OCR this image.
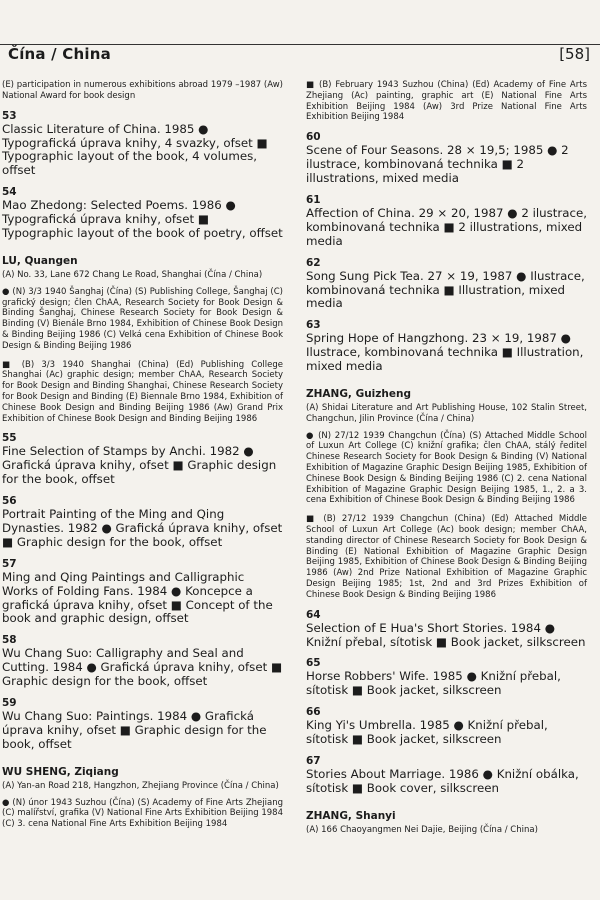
Čína / China	[58]

(E) participation in numerous exhibitions abroad 1979 –1987 (Aw) National Award for book design

53

Classic Literature of China. 1985 ● Typografická úprava knihy, 4 svazky, ofset ■ Typographic layout of the book, 4 volumes, offset

54

Mao Zhedong: Selected Poems. 1986 ● Typografická úprava knihy, ofset ■ Typographic layout of the book of poetry, offset

LU, Quangen

(A) No. 33, Lane 672 Chang Le Road, Shanghai (Čína / China)

● (N) 3/3 1940 Šanghaj (Čína) (S) Publishing College, Šanghaj (C) grafický design; člen ChAA, Research Society for Book Design & Binding Šanghaj, Chinese Research Society for Book Design & Binding (V) Bienále Brno 1984, Exhibition of Chinese Book Design & Binding Beijing 1986 (C) Velká cena Exhibition of Chinese Book Design & Binding Beijing 1986

■ (B) 3/3 1940 Shanghai (China) (Ed) Publishing College Shanghai (Ac) graphic design; member ChAA, Research Society for Book Design and Binding Shanghai, Chinese Research Society for Book Design and Binding (E) Biennale Brno 1984, Exhibition of Chinese Book Design and Binding Beijing 1986 (Aw) Grand Prix Exhibition of Chinese Book Design and Binding Beijing 1986

55

Fine Selection of Stamps by Anchi. 1982 ● Grafická úprava knihy, ofset ■ Graphic design for the book, offset

56

Portrait Painting of the Ming and Qing Dynasties. 1982 ● Grafická úprava knihy, ofset ■ Graphic design for the book, offset

57

Ming and Qing Paintings and Calligraphic Works of Folding Fans. 1984 ● Koncepce a grafická úprava knihy, ofset ■ Concept of the book and graphic design, offset

58

Wu Chang Suo: Calligraphy and Seal and Cutting. 1984 ● Grafická úprava knihy, ofset ■ Graphic design for the book, offset

59

Wu Chang Suo: Paintings. 1984 ● Grafická úprava knihy, ofset ■ Graphic design for the book, offset

WU SHENG, Ziqiang

(A) Yan-an Road 218, Hangzhon, Zhejiang Province (Čína / China)

● (N) únor 1943 Suzhou (Čína) (S) Academy of Fine Arts Zhejiang (C) malířství, grafika (V) National Fine Arts Exhibition Beijing 1984 (C) 3. cena National Fine Arts Exhibition Beijing 1984

■ (B) February 1943 Suzhou (China) (Ed) Academy of Fine Arts Zhejiang (Ac) painting, graphic art (E) National Fine Arts Exhibition Beijing 1984 (Aw) 3rd Prize National Fine Arts Exhibition Beijing 1984

60

Scene of Four Seasons. 28 × 19,5; 1985 ● 2 ilustrace, kombinovaná technika ■ 2 illustrations, mixed media

61

Affection of China. 29 × 20, 1987 ● 2 ilustrace, kombinovaná technika ■ 2 illustrations, mixed media

62

Song Sung Pick Tea. 27 × 19, 1987 ● Ilustrace, kombinovaná technika ■ Illustration, mixed media

63

Spring Hope of Hangzhong. 23 × 19, 1987 ● Ilustrace, kombinovaná technika ■ Illustration, mixed media

ZHANG, Guizheng

(A) Shidai Literature and Art Publishing House, 102 Stalin Street, Changchun, Jilin Province (Čína / China)

● (N) 27/12 1939 Changchun (Čína) (S) Attached Middle School of Luxun Art College (C) knižní grafika; člen ChAA, stálý ředitel Chinese Research Society for Book Design & Binding (V) National Exhibition of Magazine Graphic Design Beijing 1985, Exhibition of Chinese Book Design & Binding Beijing 1986 (C) 2. cena National Exhibition of Magazine Graphic Design Beijing 1985, 1., 2. a 3. cena Exhibition of Chinese Book Design & Binding Beijing 1986

■ (B) 27/12 1939 Changchun (China) (Ed) Attached Middle School of Luxun Art College (Ac) book design; member ChAA, standing director of Chinese Research Society for Book Design & Binding (E) National Exhibition of Magazine Graphic Design Beijing 1985, Exhibition of Chinese Book Design & Binding Beijing 1986 (Aw) 2nd Prize National Exhibition of Magazine Graphic Design Beijing 1985; 1st, 2nd and 3rd Prizes Exhibition of Chinese Book Design & Binding Beijing 1986

64

Selection of E Hua's Short Stories. 1984 ● Knižní přebal, sítotisk ■ Book jacket, silkscreen

65

Horse Robbers' Wife. 1985 ● Knižní přebal, sítotisk ■ Book jacket, silkscreen

66

King Yi's Umbrella. 1985 ● Knižní přebal, sítotisk ■ Book jacket, silkscreen

67

Stories About Marriage. 1986 ● Knižní obálka, sítotisk ■ Book cover, silkscreen

ZHANG, Shanyi

(A) 166 Chaoyangmen Nei Dajie, Beijing (Čína / China)
